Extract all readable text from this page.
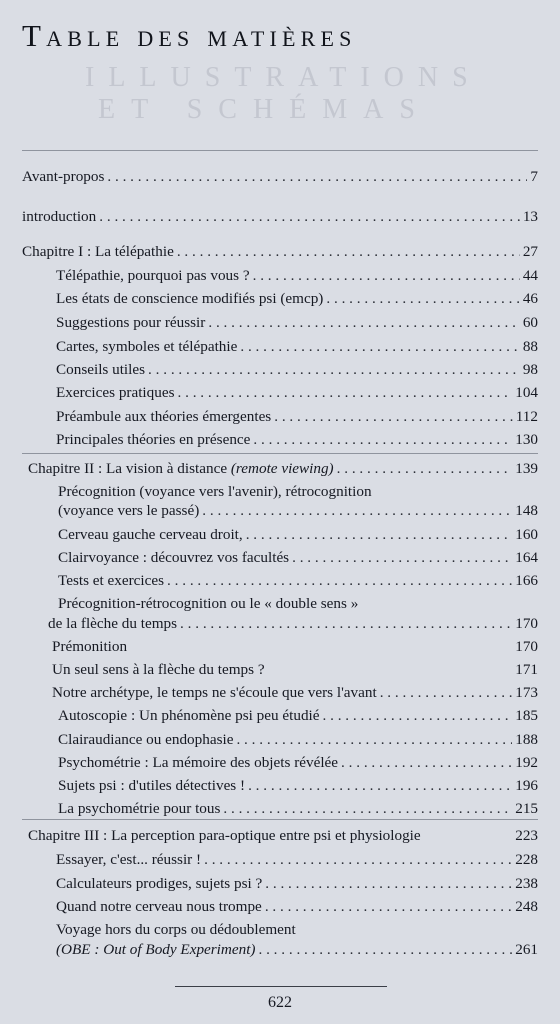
ILLUSTRATIONS
ET SCHÉMAS
Table des matières
Avant-propos . . .	7
introduction . . .	13
Chapitre I : La télépathie . . .	27
Télépathie, pourquoi pas vous ? . . .	44
Les états de conscience modifiés psi (emcp) . . .	46
Suggestions pour réussir . . .	60
Cartes, symboles et télépathie . . .	88
Conseils utiles . . .	98
Exercices pratiques . . .	104
Préambule aux théories émergentes . . .	112
Principales théories en présence . . .	130
Chapitre II : La vision à distance (remote viewing) . . .	139
Précognition (voyance vers l'avenir), rétrocognition
(voyance vers le passé) . . .	148
Cerveau gauche cerveau droit, . . .	160
Clairvoyance : découvrez vos facultés . . .	164
Tests et exercices . . .	166
Précognition-rétrocognition ou le « double sens »
de la flèche du temps . . .	170
Prémonition	170
Un seul sens à la flèche du temps ?	171
Notre archétype, le temps ne s'écoule que vers l'avant . . .	173
Autoscopie : Un phénomène psi peu étudié . . .	185
Clairaudiance ou endophasie . . .	188
Psychométrie : La mémoire des objets révélée . . .	192
Sujets psi : d'utiles détectives ! . . .	196
La psychométrie pour tous . . .	215
Chapitre III : La perception para-optique entre psi et physiologie	223
Essayer, c'est... réussir ! . . .	228
Calculateurs prodiges, sujets psi ? . . .	238
Quand notre cerveau nous trompe . . .	248
Voyage hors du corps ou dédoublement
(OBE : Out of Body Experiment) . . .	261
622
